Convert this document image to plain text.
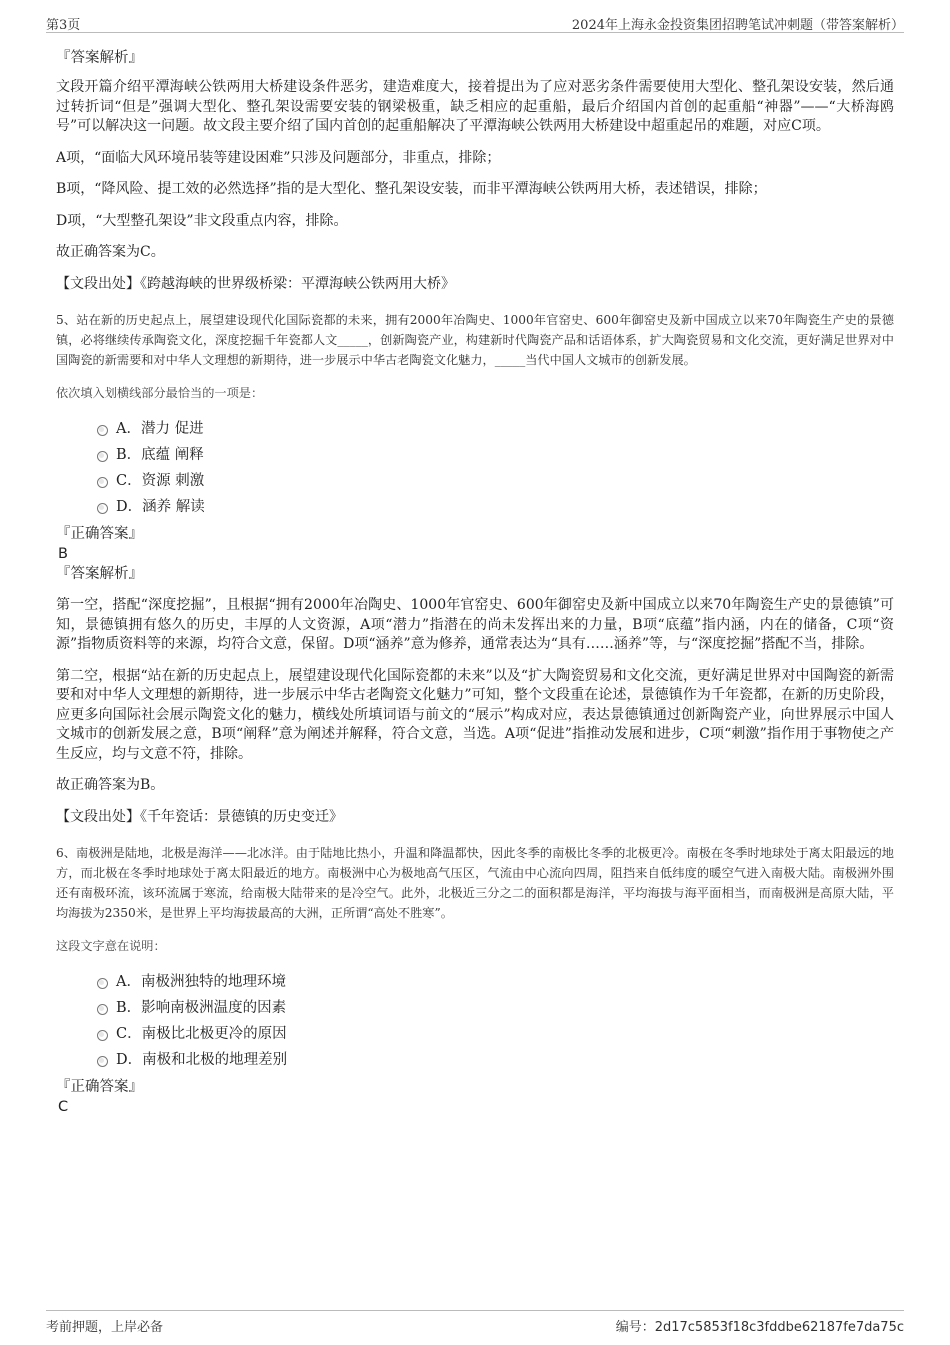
第3页	2024年上海永金投资集团招聘笔试冲刺题（带答案解析）

『答案解析』

文段开篇介绍平潭海峡公铁两用大桥建设条件恶劣，建造难度大，接着提出为了应对恶劣条件需要使用大型化、整孔架设安装，然后通过转折词“但是”强调大型化、整孔架设需要安装的钢梁极重，缺乏相应的起重船，最后介绍国内首创的起重船“神器”——“大桥海鸥号”可以解决这一问题。故文段主要介绍了国内首创的起重船解决了平潭海峡公铁两用大桥建设中超重起吊的难题，对应C项。

A项，“面临大风环境吊装等建设困难”只涉及问题部分，非重点，排除；

B项，“降风险、提工效的必然选择”指的是大型化、整孔架设安装，而非平潭海峡公铁两用大桥，表述错误，排除；

D项，“大型整孔架设”非文段重点内容，排除。

故正确答案为C。

【文段出处】《跨越海峡的世界级桥梁：平潭海峡公铁两用大桥》

5、站在新的历史起点上，展望建设现代化国际瓷都的未来，拥有2000年冶陶史、1000年官窑史、600年御窑史及新中国成立以来70年陶瓷生产史的景德镇，必将继续传承陶瓷文化，深度挖掘千年瓷都人文_____，创新陶瓷产业，构建新时代陶瓷产品和话语体系，扩大陶瓷贸易和文化交流，更好满足世界对中国陶瓷的新需要和对中华人文理想的新期待，进一步展示中华古老陶瓷文化魅力，_____当代中国人文城市的创新发展。

依次填入划横线部分最恰当的一项是：

A．潜力 促进
B．底蕴 阐释
C．资源 刺激
D．涵养 解读

『正确答案』

B

『答案解析』

第一空，搭配“深度挖掘”，且根据“拥有2000年冶陶史、1000年官窑史、600年御窑史及新中国成立以来70年陶瓷生产史的景德镇”可知，景德镇拥有悠久的历史，丰厚的人文资源，A项“潜力”指潜在的尚未发挥出来的力量，B项“底蕴”指内涵，内在的储备，C项“资源”指物质资料等的来源，均符合文意，保留。D项“涵养”意为修养，通常表达为“具有……涵养”等，与“深度挖掘”搭配不当，排除。

第二空，根据“站在新的历史起点上，展望建设现代化国际瓷都的未来”以及“扩大陶瓷贸易和文化交流，更好满足世界对中国陶瓷的新需要和对中华人文理想的新期待，进一步展示中华古老陶瓷文化魅力”可知，整个文段重在论述，景德镇作为千年瓷都，在新的历史阶段，应更多向国际社会展示陶瓷文化的魅力，横线处所填词语与前文的“展示”构成对应，表达景德镇通过创新陶瓷产业，向世界展示中国人文城市的创新发展之意，B项“阐释”意为阐述并解释，符合文意，当选。A项“促进”指推动发展和进步，C项“刺激”指作用于事物使之产生反应，均与文意不符，排除。

故正确答案为B。

【文段出处】《千年瓷话：景德镇的历史变迁》

6、南极洲是陆地，北极是海洋——北冰洋。由于陆地比热小，升温和降温都快，因此冬季的南极比冬季的北极更冷。南极在冬季时地球处于离太阳最远的地方，而北极在冬季时地球处于离太阳最近的地方。南极洲中心为极地高气压区，气流由中心流向四周，阻挡来自低纬度的暖空气进入南极大陆。南极洲外围还有南极环流，该环流属于寒流，给南极大陆带来的是冷空气。此外，北极近三分之二的面积都是海洋，平均海拔与海平面相当，而南极洲是高原大陆，平均海拔为2350米，是世界上平均海拔最高的大洲，正所谓“高处不胜寒”。

这段文字意在说明：

A．南极洲独特的地理环境
B．影响南极洲温度的因素
C．南极比北极更冷的原因
D．南极和北极的地理差别

『正确答案』

C

考前押题，上岸必备	编号：2d17c5853f18c3fddbe62187fe7da75c
